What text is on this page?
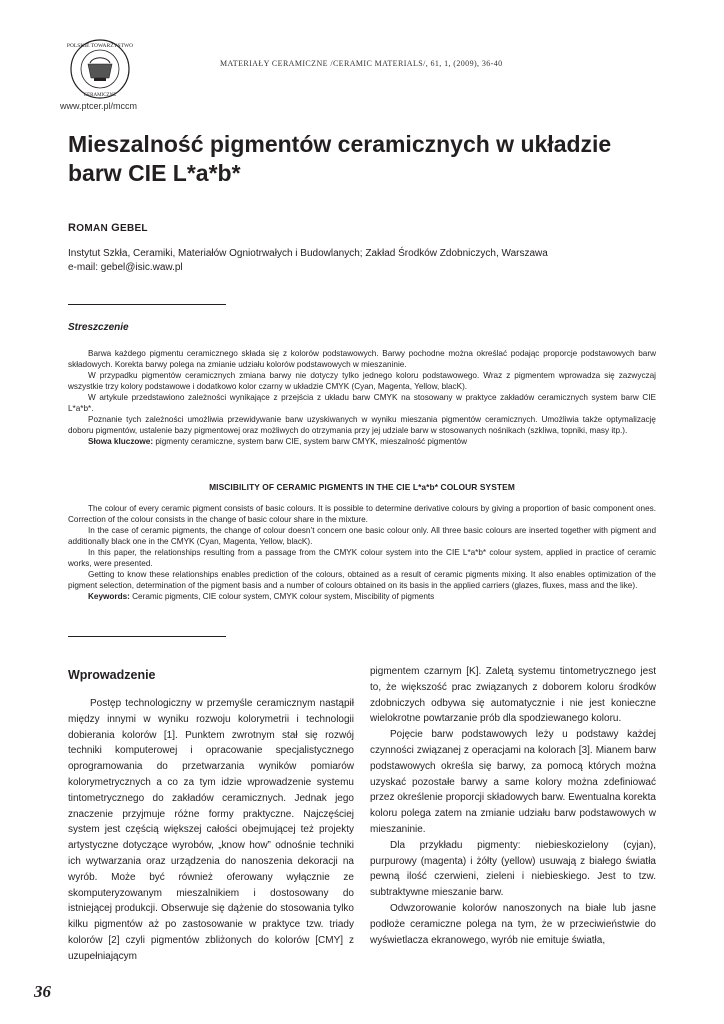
POLSKIE TOWARZYSTWO
CERAMICZNE
www.ptcer.pl/mccm
MATERIAŁY CERAMICZNE /CERAMIC MATERIALS/, 61, 1, (2009), 36-40
Mieszalność pigmentów ceramicznych w układzie
barw CIE L*a*b*
ROMAN GEBEL
Instytut Szkła, Ceramiki, Materiałów Ogniotrwałych i Budowlanych; Zakład Środków Zdobniczych, Warszawa
e-mail: gebel@isic.waw.pl
Streszczenie

Barwa każdego pigmentu ceramicznego składa się z kolorów podstawowych. Barwy pochodne można określać podając proporcje podstawowych barw składowych. Korekta barwy polega na zmianie udziału kolorów podstawowych w mieszaninie.

W przypadku pigmentów ceramicznych zmiana barwy nie dotyczy tylko jednego koloru podstawowego. Wraz z pigmentem wprowadza się zazwyczaj wszystkie trzy kolory podstawowe i dodatkowo kolor czarny w układzie CMYK (Cyan, Magenta, Yellow, blacK).

W artykule przedstawiono zależności wynikające z przejścia z układu barw CMYK na stosowany w praktyce zakładów ceramicznych system barw CIE L*a*b*.

Poznanie tych zależności umożliwia przewidywanie barw uzyskiwanych w wyniku mieszania pigmentów ceramicznych. Umożliwia także optymalizację doboru pigmentów, ustalenie bazy pigmentowej oraz możliwych do otrzymania przy jej udziale barw w stosowanych nośnikach (szkliwa, topniki, masy itp.).

Słowa kluczowe: pigmenty ceramiczne, system barw CIE, system barw CMYK, mieszalność pigmentów

MISCIBILITY OF CERAMIC PIGMENTS IN THE CIE L*a*b* COLOUR SYSTEM

The colour of every ceramic pigment consists of basic colours. It is possible to determine derivative colours by giving a proportion of basic component ones. Correction of the colour consists in the change of basic colour share in the mixture.

In the case of ceramic pigments, the change of colour doesn’t concern one basic colour only. All three basic colours are inserted together with pigment and additionally black one in the CMYK (Cyan, Magenta, Yellow, blacK).

In this paper, the relationships resulting from a passage from the CMYK colour system into the CIE L*a*b* colour system, applied in practice of ceramic works, were presented.

Getting to know these relationships enables prediction of the colours, obtained as a result of ceramic pigments mixing. It also enables optimization of the pigment selection, determination of the pigment basis and a number of colours obtained on its basis in the applied carriers (glazes, fluxes, mass and the like).

Keywords: Ceramic pigments, CIE colour system, CMYK colour system, Miscibility of pigments

Wprowadzenie

Postęp technologiczny w przemyśle ceramicznym nastąpił między innymi w wyniku rozwoju kolorymetrii i technologii dobierania kolorów [1]. Punktem zwrotnym stał się rozwój techniki komputerowej i opracowanie specjalistycznego oprogramowania do przetwarzania wyników pomiarów kolorymetrycznych a co za tym idzie wprowadzenie systemu tintometrycznego do zakładów ceramicznych. Jednak jego znaczenie przyjmuje różne formy praktyczne. Najczęściej system jest częścią większej całości obejmującej też projekty artystyczne dotyczące wyrobów, „know how” odnośnie techniki ich wytwarzania oraz urządzenia do nanoszenia dekoracji na wyrób. Może być również oferowany wyłącznie ze skomputeryzowanym mieszalnikiem i dostosowany do istniejącej produkcji. Obserwuje się dążenie do stosowania tylko kilku pigmentów aż po zastosowanie w praktyce tzw. triady kolorów [2] czyli pigmentów zbliżonych do kolorów [CMY] z uzupełniającym

pigmentem czarnym [K]. Zaletą systemu tintometrycznego jest to, że większość prac związanych z doborem koloru środków zdobniczych odbywa się automatycznie i nie jest konieczne wielokrotne powtarzanie prób dla spodziewanego koloru.

Pojęcie barw podstawowych leży u podstawy każdej czynności związanej z operacjami na kolorach [3]. Mianem barw podstawowych określa się barwy, za pomocą których można uzyskać pozostałe barwy a same kolory można zdefiniować przez określenie proporcji składowych barw. Ewentualna korekta koloru polega zatem na zmianie udziału barw podstawowych w mieszaninie.

Dla przykładu pigmenty: niebieskozielony (cyjan), purpurowy (magenta) i żółty (yellow) usuwają z białego światła pewną ilość czerwieni, zieleni i niebieskiego. Jest to tzw. subtraktywne mieszanie barw.

Odwzorowanie kolorów nanoszonych na białe lub jasne podłoże ceramiczne polega na tym, że w przeciwieństwie do wyświetlacza ekranowego, wyrób nie emituje światła,

36
